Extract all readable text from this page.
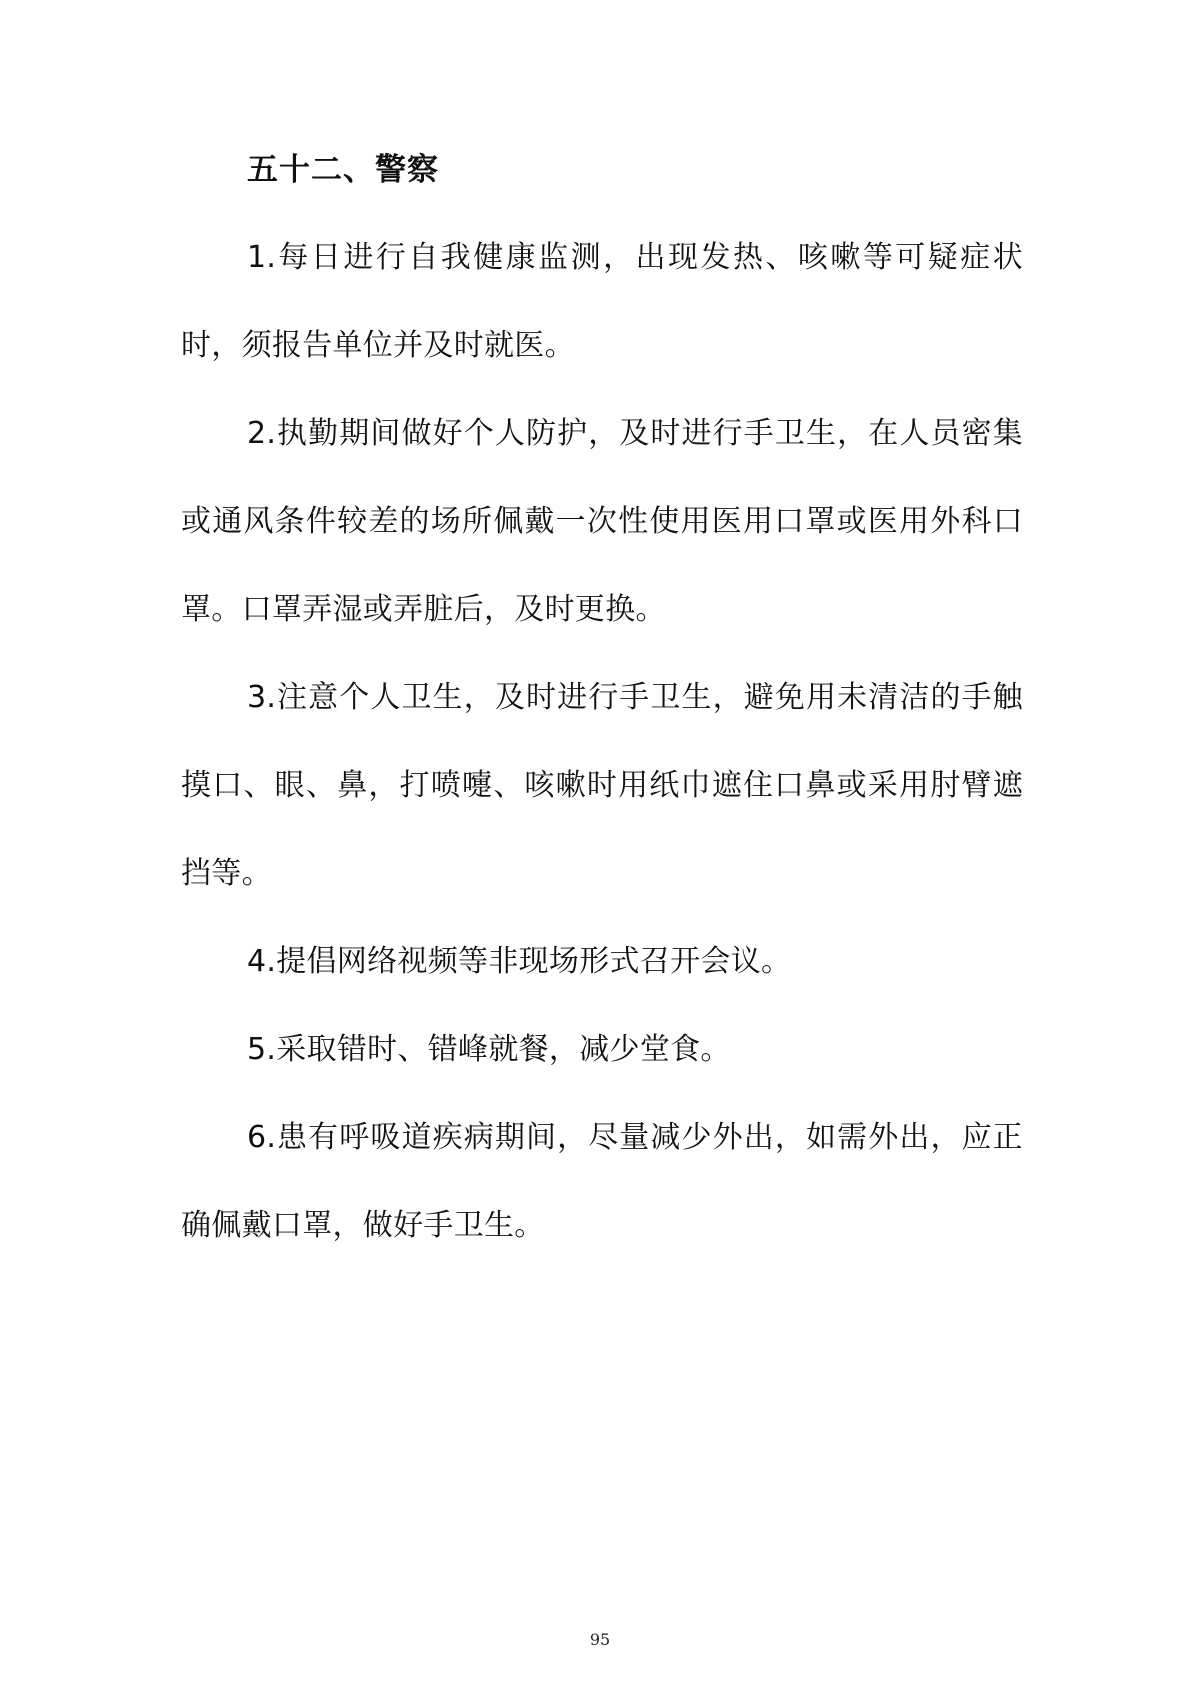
五十二、警察

1.每日进行自我健康监测，出现发热、咳嗽等可疑症状时，须报告单位并及时就医。

2.执勤期间做好个人防护，及时进行手卫生，在人员密集或通风条件较差的场所佩戴一次性使用医用口罩或医用外科口罩。口罩弄湿或弄脏后，及时更换。

3.注意个人卫生，及时进行手卫生，避免用未清洁的手触摸口、眼、鼻，打喷嚏、咳嗽时用纸巾遮住口鼻或采用肘臂遮挡等。

4.提倡网络视频等非现场形式召开会议。

5.采取错时、错峰就餐，减少堂食。

6.患有呼吸道疾病期间，尽量减少外出，如需外出，应正确佩戴口罩，做好手卫生。

95
